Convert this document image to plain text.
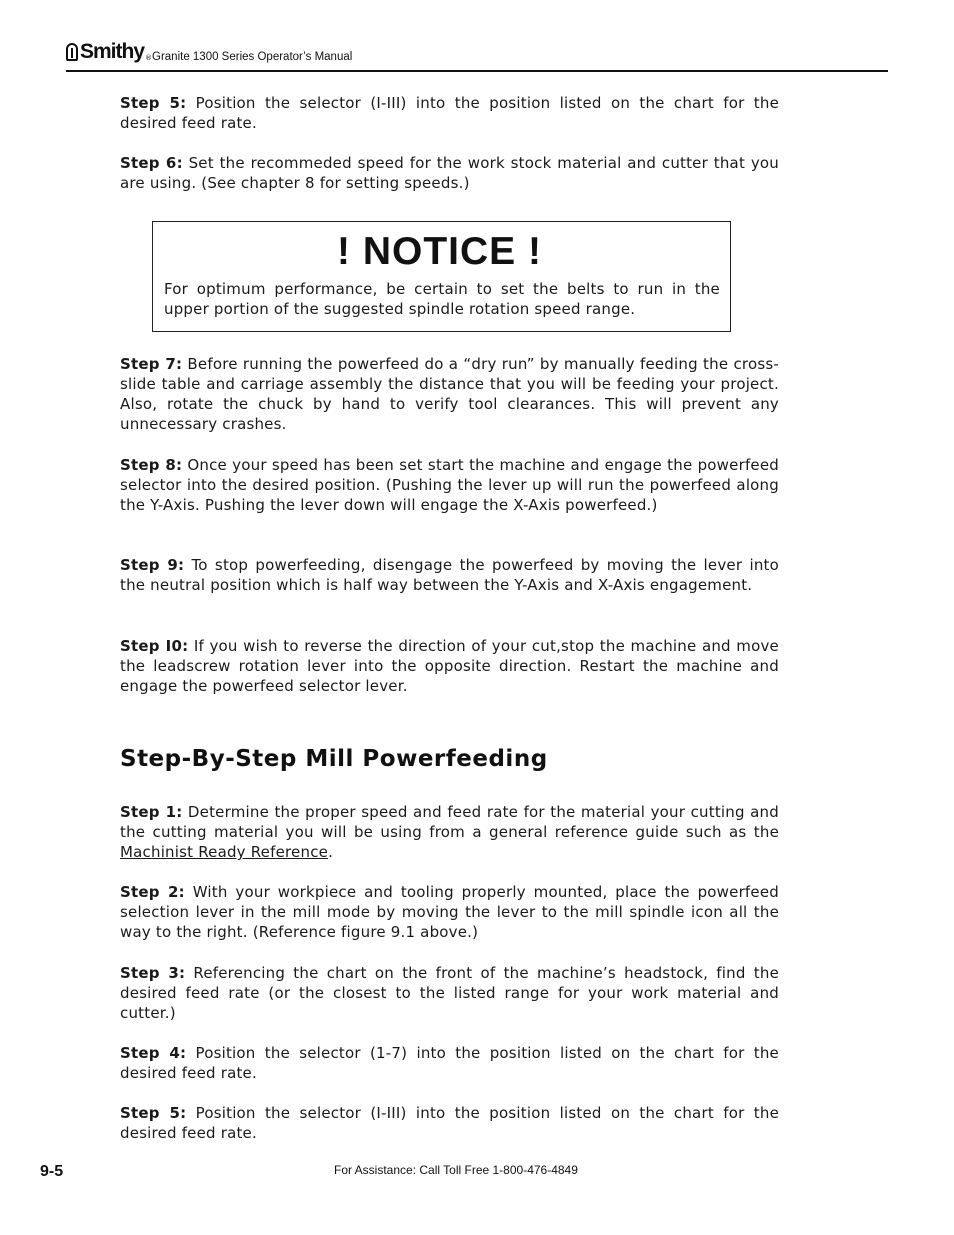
Smithy ® Granite 1300 Series Operator’s Manual

Step 5: Position the selector (I-III) into the position listed on the chart for the desired feed rate.

Step 6: Set the recommeded speed for the work stock material and cutter that you are using. (See chapter 8 for setting speeds.)

! NOTICE !

For optimum performance, be certain to set the belts to run in the upper portion of the suggested spindle rotation speed range.

Step 7: Before running the powerfeed do a “dry run” by manually feeding the cross-slide table and carriage assembly the distance that you will be feeding your project. Also, rotate the chuck by hand to verify tool clearances. This will prevent any unnecessary crashes.

Step 8: Once your speed has been set start the machine and engage the powerfeed selector into the desired position. (Pushing the lever up will run the powerfeed along the Y-Axis. Pushing the lever down will engage the X-Axis powerfeed.)

Step 9: To stop powerfeeding, disengage the powerfeed by moving the lever into the neutral position which is half way between the Y-Axis and X-Axis engagement.

Step I0: If you wish to reverse the direction of your cut,stop the machine and move the leadscrew rotation lever into the opposite direction. Restart the machine and engage the powerfeed selector lever.

Step-By-Step Mill Powerfeeding

Step 1: Determine the proper speed and feed rate for the material your cutting and the cutting material you will be using from a general reference guide such as the Machinist Ready Reference.

Step 2: With your workpiece and tooling properly mounted, place the powerfeed selection lever in the mill mode by moving the lever to the mill spindle icon all the way to the right. (Reference figure 9.1 above.)

Step 3: Referencing the chart on the front of the machine’s headstock, find the desired feed rate (or the closest to the listed range for your work material and cutter.)

Step 4: Position the selector (1-7) into the position listed on the chart for the desired feed rate.

Step 5: Position the selector (I-III) into the position listed on the chart for the desired feed rate.

9-5	For Assistance: Call Toll Free 1-800-476-4849
